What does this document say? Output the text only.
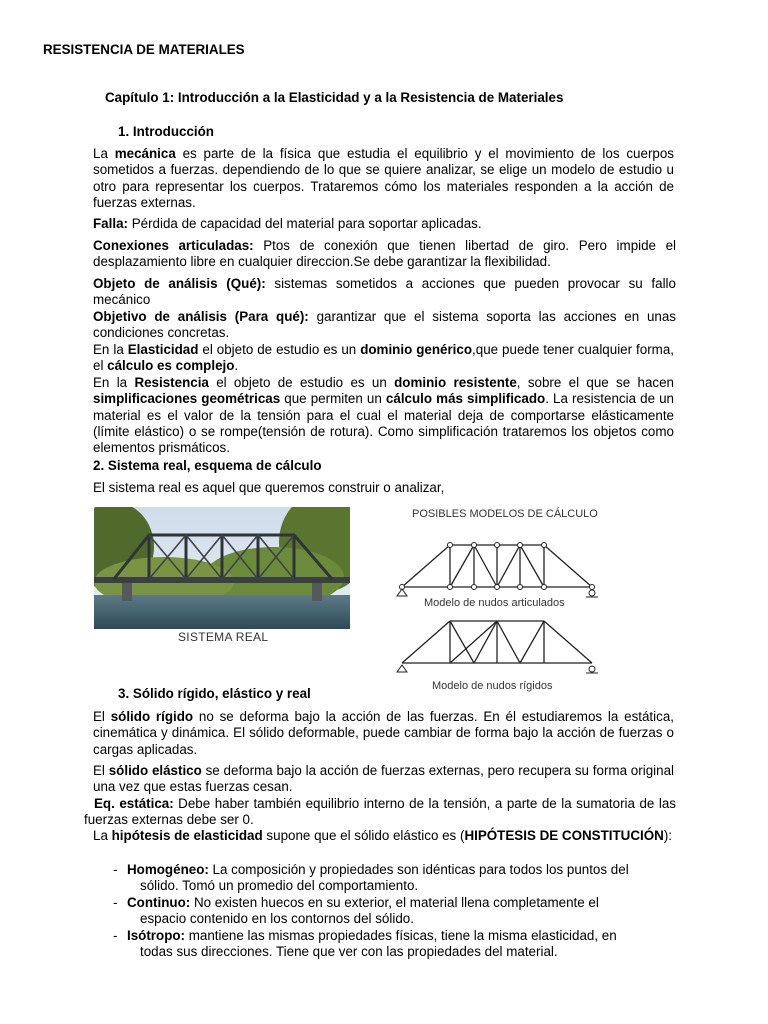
RESISTENCIA DE MATERIALES
Capítulo 1: Introducción a la Elasticidad y a la Resistencia de Materiales
1. Introducción
La mecánica es parte de la física que estudia el equilibrio y el movimiento de los cuerpos sometidos a fuerzas. dependiendo de lo que se quiere analizar, se elige un modelo de estudio u otro para representar los cuerpos. Trataremos cómo los materiales responden a la acción de fuerzas externas.
Falla: Pérdida de capacidad del material para soportar aplicadas.
Conexiones articuladas: Ptos de conexión que tienen libertad de giro. Pero impide el desplazamiento libre en cualquier direccion.Se debe garantizar la flexibilidad.
Objeto de análisis (Qué): sistemas sometidos a acciones que pueden provocar su fallo mecánico
Objetivo de análisis (Para qué): garantizar que el sistema soporta las acciones en unas condiciones concretas.
En la Elasticidad el objeto de estudio es un dominio genérico,que puede tener cualquier forma, el cálculo es complejo.
En la Resistencia el objeto de estudio es un dominio resistente, sobre el que se hacen simplificaciones geométricas que permiten un cálculo más simplificado. La resistencia de un material es el valor de la tensión para el cual el material deja de comportarse elásticamente (límite elástico) o se rompe(tensión de rotura). Como simplificación trataremos los objetos como elementos prismáticos.
2. Sistema real, esquema de cálculo
El sistema real es aquel que queremos construir o analizar,
SISTEMA REAL
POSIBLES MODELOS DE CÁLCULO
Modelo de nudos articulados
Modelo de nudos rígidos
3. Sólido rígido, elástico y real
El sólido rígido no se deforma bajo la acción de las fuerzas. En él estudiaremos la estática, cinemática y dinámica. El sólido deformable, puede cambiar de forma bajo la acción de fuerzas o cargas aplicadas.
El sólido elástico se deforma bajo la acción de fuerzas externas, pero recupera su forma original una vez que estas fuerzas cesan.
Eq. estática: Debe haber también equilibrio interno de la tensión, a parte de la sumatoria de las fuerzas externas debe ser 0.
La hipótesis de elasticidad supone que el sólido elástico es (HIPÓTESIS DE CONSTITUCIÓN):
- Homogéneo: La composición y propiedades son idénticas para todos los puntos del
sólido. Tomó un promedio del comportamiento.
- Continuo: No existen huecos en su exterior, el material llena completamente el
espacio contenido en los contornos del sólido.
- Isótropo: mantiene las mismas propiedades físicas, tiene la misma elasticidad, en
todas sus direcciones. Tiene que ver con las propiedades del material.
